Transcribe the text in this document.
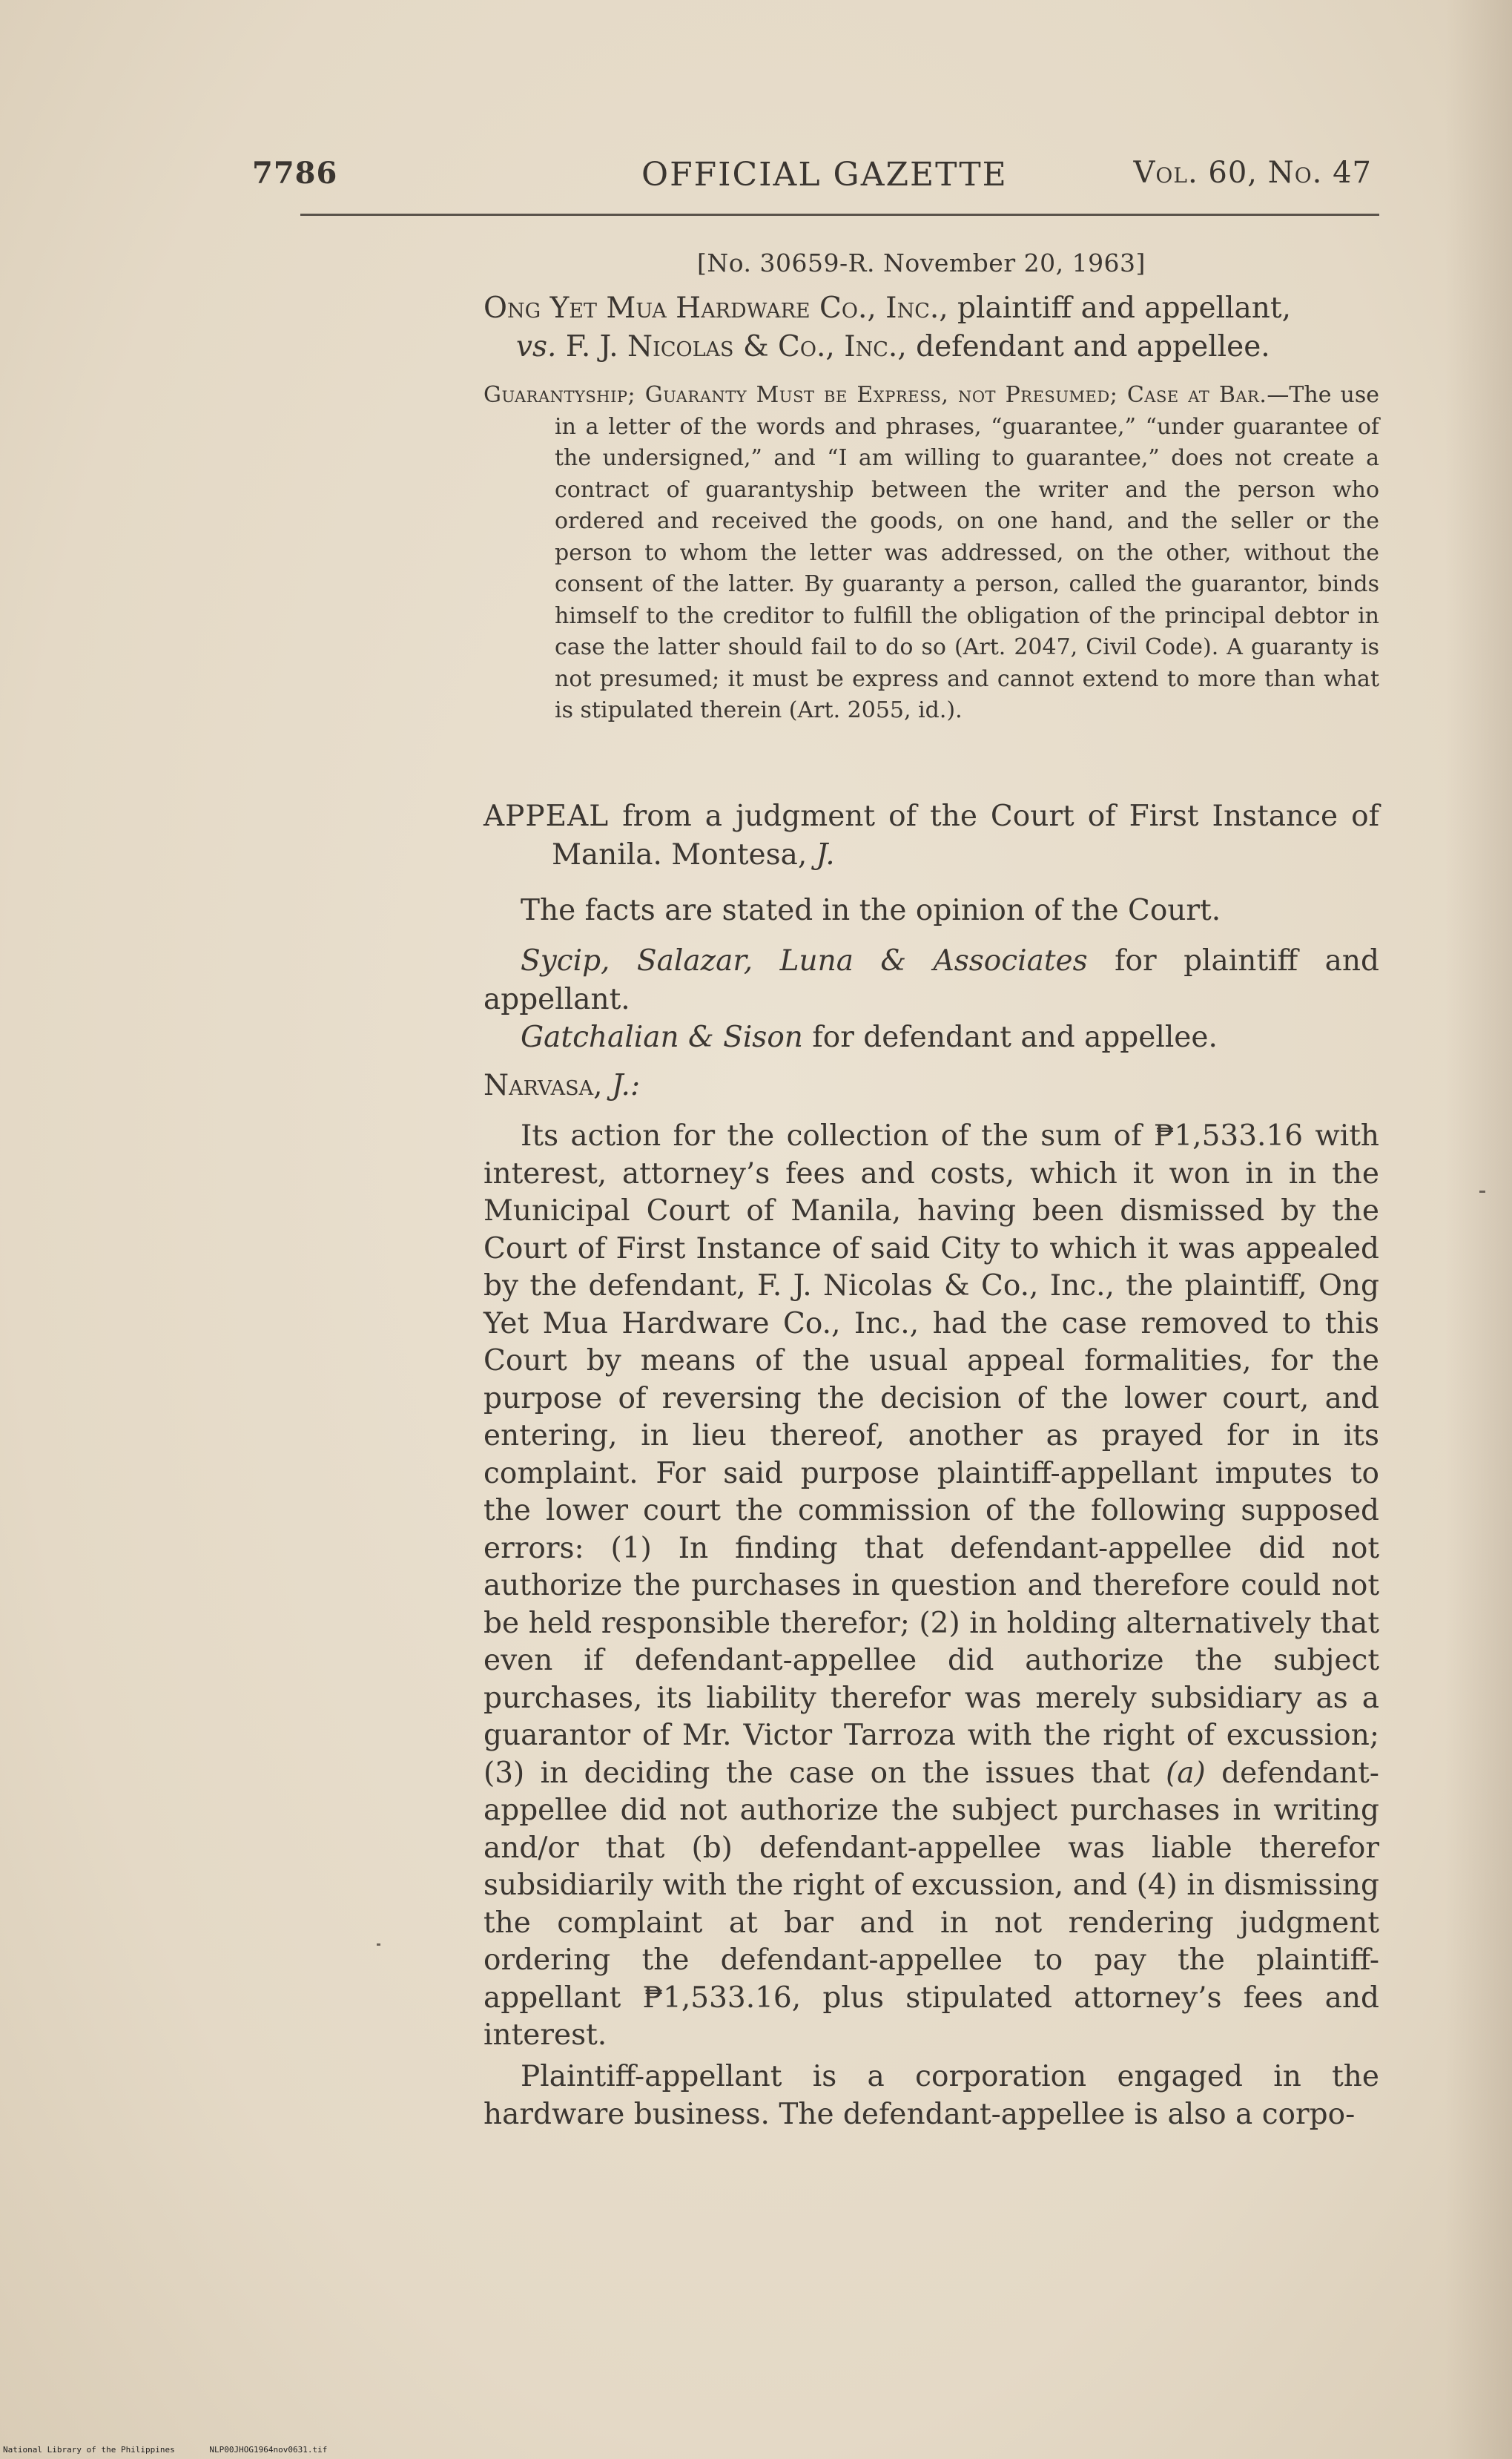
7786	OFFICIAL GAZETTE	Vol. 60, No. 47
[No. 30659-R. November 20, 1963]
Ong Yet Mua Hardware Co., Inc., plaintiff and appellant,
vs. F. J. Nicolas & Co., Inc., defendant and appellee.
Guarantyship; Guaranty Must be Express, not Presumed; Case at Bar.—The use in a letter of the words and phrases, “guarantee,” “under guarantee of the undersigned,” and “I am willing to guarantee,” does not create a contract of guarantyship between the writer and the person who ordered and received the goods, on one hand, and the seller or the person to whom the letter was addressed, on the other, without the consent of the latter. By guaranty a person, called the guarantor, binds himself to the creditor to fulfill the obligation of the principal debtor in case the latter should fail to do so (Art. 2047, Civil Code). A guaranty is not presumed; it must be express and cannot extend to more than what is stipulated therein (Art. 2055, id.).
APPEAL from a judgment of the Court of First Instance of Manila. Montesa, J.
The facts are stated in the opinion of the Court.
Sycip, Salazar, Luna & Associates for plaintiff and appellant.
Gatchalian & Sison for defendant and appellee.
Narvasa, J.:
Its action for the collection of the sum of ₱1,533.16 with interest, attorney’s fees and costs, which it won in in the Municipal Court of Manila, having been dismissed by the Court of First Instance of said City to which it was appealed by the defendant, F. J. Nicolas & Co., Inc., the plaintiff, Ong Yet Mua Hardware Co., Inc., had the case removed to this Court by means of the usual appeal formalities, for the purpose of reversing the decision of the lower court, and entering, in lieu thereof, another as prayed for in its complaint. For said purpose plaintiff-appellant imputes to the lower court the commission of the following supposed errors: (1) In finding that defendant-appellee did not authorize the purchases in question and therefore could not be held responsible therefor; (2) in holding alternatively that even if defendant-appellee did authorize the subject purchases, its liability therefor was merely subsidiary as a guarantor of Mr. Victor Tarroza with the right of excussion; (3) in deciding the case on the issues that (a) defendant-appellee did not authorize the subject purchases in writing and/or that (b) defendant-appellee was liable therefor subsidiarily with the right of excussion, and (4) in dismissing the complaint at bar and in not rendering judgment ordering the defendant-appellee to pay the plaintiff-appellant ₱1,533.16, plus stipulated attorney’s fees and interest.
Plaintiff-appellant is a corporation engaged in the hardware business. The defendant-appellee is also a corpo-
National Library of the Philippines	NLP00JHOG1964nov0631.tif
